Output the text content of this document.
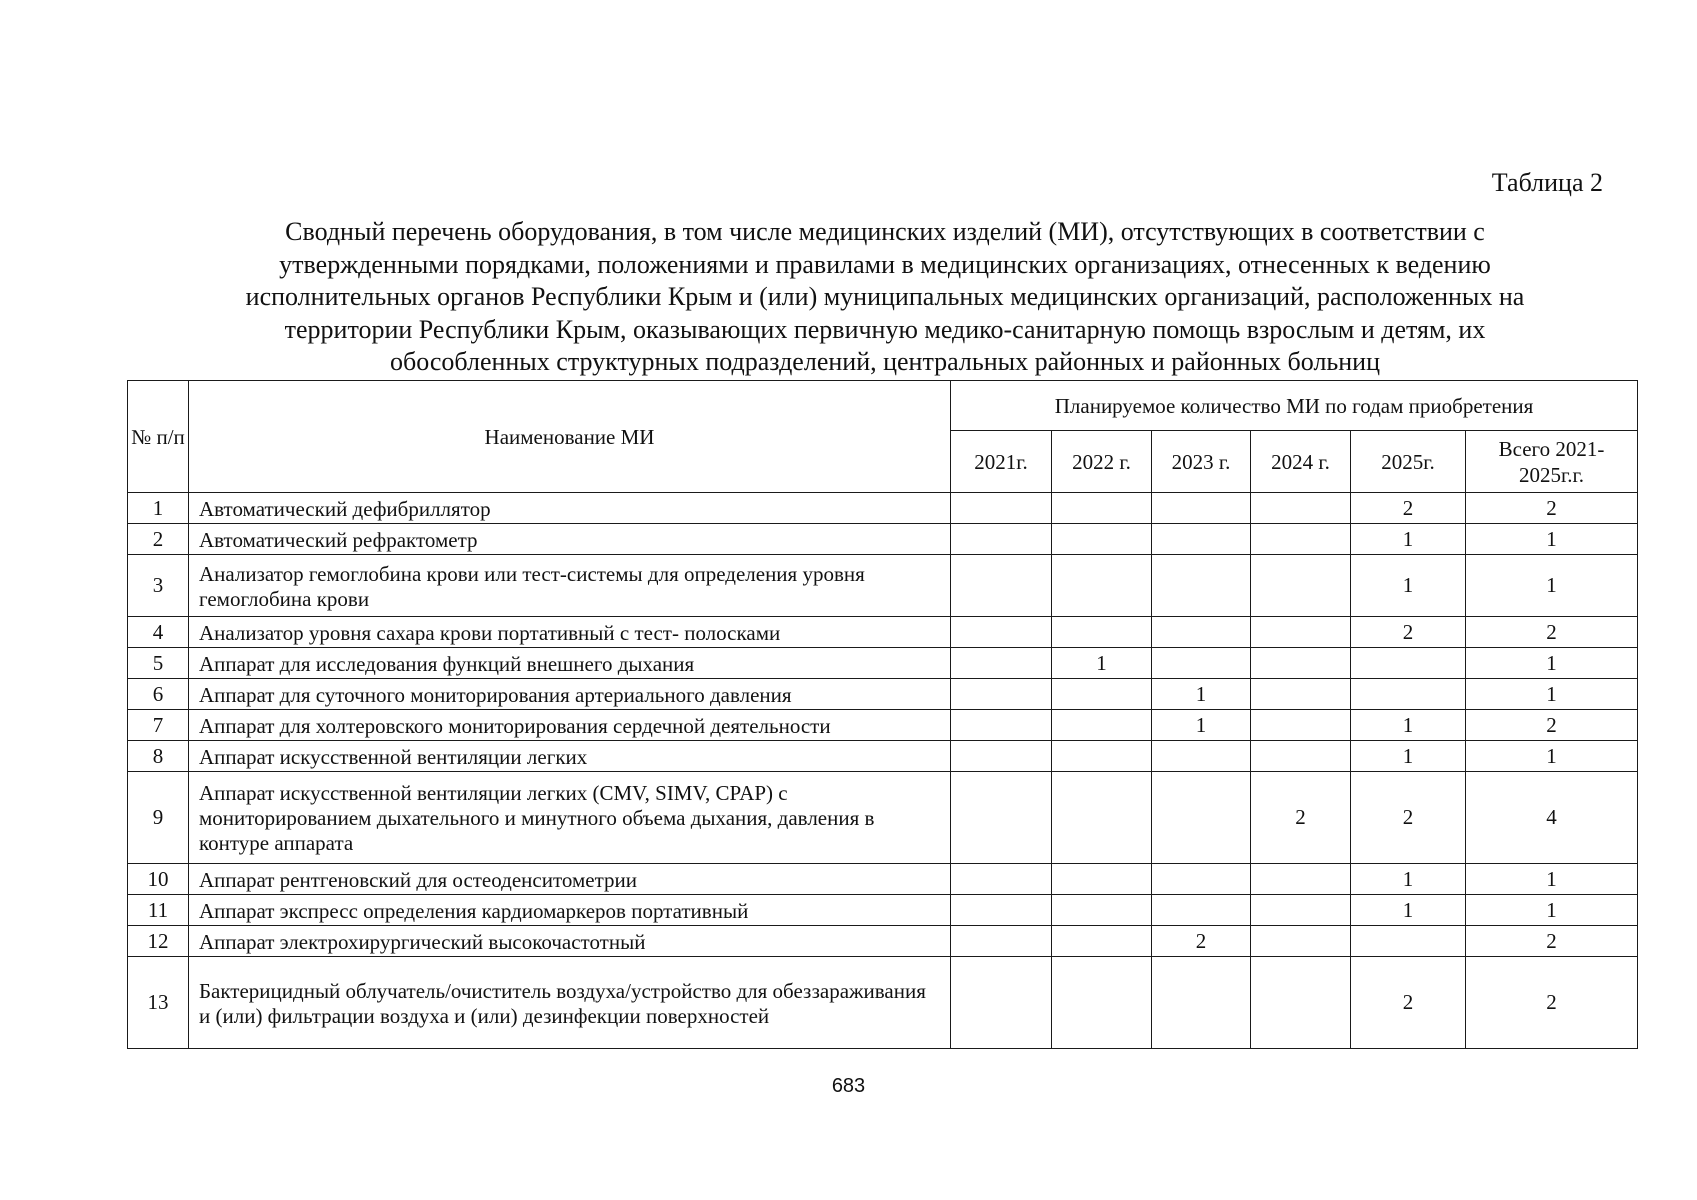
Таблица 2
Сводный перечень оборудования, в том числе медицинских изделий (МИ), отсутствующих в соответствии с
утвержденными порядками, положениями и правилами в медицинских организациях, отнесенных к ведению
исполнительных органов Республики Крым и (или) муниципальных медицинских организаций, расположенных на
территории Республики Крым, оказывающих первичную медико-санитарную помощь взрослым и детям, их
обособленных структурных подразделений, центральных районных и районных больниц
№ п/п	Наименование МИ	Планируемое количество МИ по годам приобретения					
		2021г.	2022 г.	2023 г.	2024 г.	2025г.	Всего 2021-2025г.г.
1	Автоматический дефибриллятор					2	2
2	Автоматический рефрактометр					1	1
3	Анализатор гемоглобина крови или тест-системы для определения уровня гемоглобина крови					1	1
4	Анализатор уровня сахара крови портативный с тест- полосками					2	2
5	Аппарат для исследования функций внешнего дыхания		1				1
6	Аппарат для суточного мониторирования артериального давления			1			1
7	Аппарат для холтеровского мониторирования сердечной деятельности			1		1	2
8	Аппарат искусственной вентиляции легких					1	1
9	Аппарат искусственной вентиляции легких (CMV, SIMV, CPAP) с мониторированием дыхательного и минутного объема дыхания, давления в контуре аппарата				2	2	4
10	Аппарат рентгеновский для остеоденситометрии					1	1
11	Аппарат экспресс определения кардиомаркеров портативный					1	1
12	Аппарат электрохирургический высокочастотный			2			2
13	Бактерицидный облучатель/очиститель воздуха/устройство для обеззараживания и (или) фильтрации воздуха и (или) дезинфекции поверхностей					2	2
683
